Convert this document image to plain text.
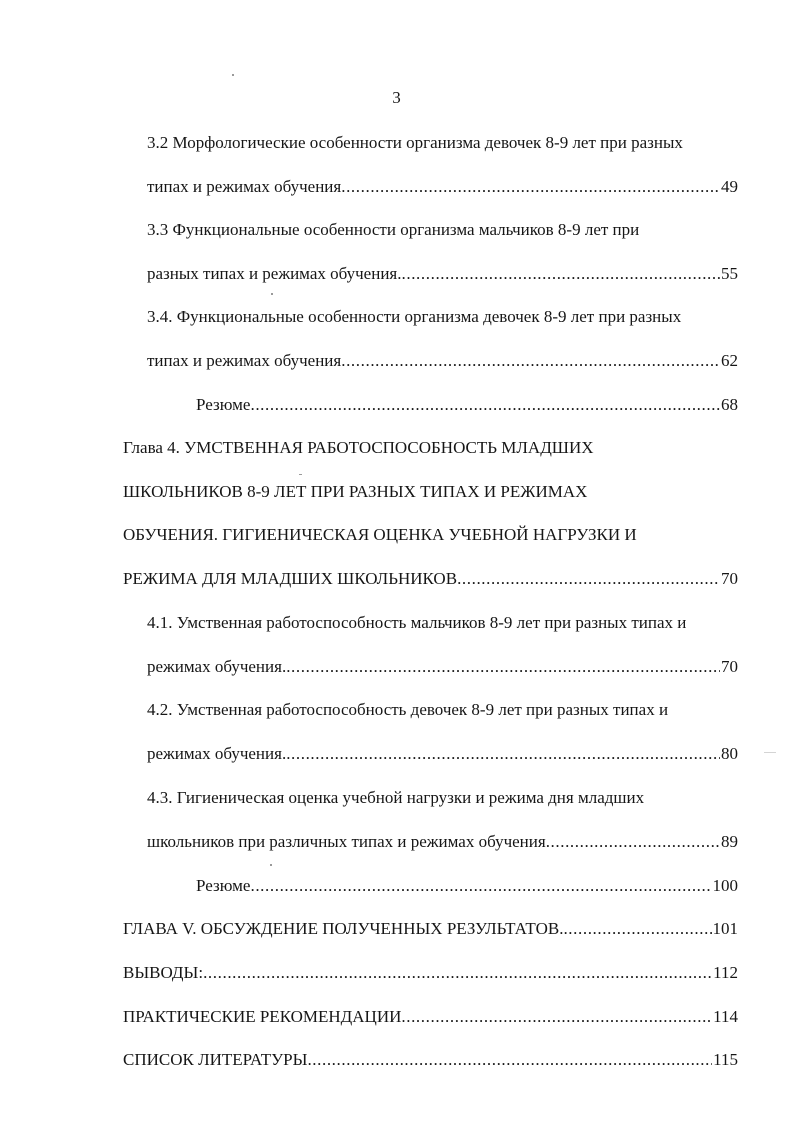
3
3.2 Морфологические особенности организма девочек 8-9 лет при разных
типах и режимах обучения .....	49
3.3 Функциональные особенности организма мальчиков 8-9 лет при
разных типах и режимах обучения. .....	55
3.4. Функциональные особенности организма девочек 8-9 лет при разных
типах и режимах обучения .....	62
Резюме .....	68
Глава 4. УМСТВЕННАЯ РАБОТОСПОСОБНОСТЬ МЛАДШИХ
ШКОЛЬНИКОВ 8-9 ЛЕТ ПРИ РАЗНЫХ ТИПАХ И РЕЖИМАХ
ОБУЧЕНИЯ. ГИГИЕНИЧЕСКАЯ ОЦЕНКА УЧЕБНОЙ НАГРУЗКИ И
РЕЖИМА ДЛЯ МЛАДШИХ ШКОЛЬНИКОВ .....	70
4.1. Умственная работоспособность мальчиков 8-9 лет при разных типах и
режимах обучения. .....	70
4.2. Умственная работоспособность девочек 8-9 лет при разных типах и
режимах обучения. .....	80
4.3. Гигиеническая оценка учебной нагрузки и режима дня младших
школьников при различных типах и режимах обучения .....	89
Резюме .....	100
ГЛАВА V. ОБСУЖДЕНИЕ ПОЛУЧЕННЫХ РЕЗУЛЬТАТОВ. .....	101
ВЫВОДЫ: .....	112
ПРАКТИЧЕСКИЕ РЕКОМЕНДАЦИИ .....	114
СПИСОК ЛИТЕРАТУРЫ .....	115
